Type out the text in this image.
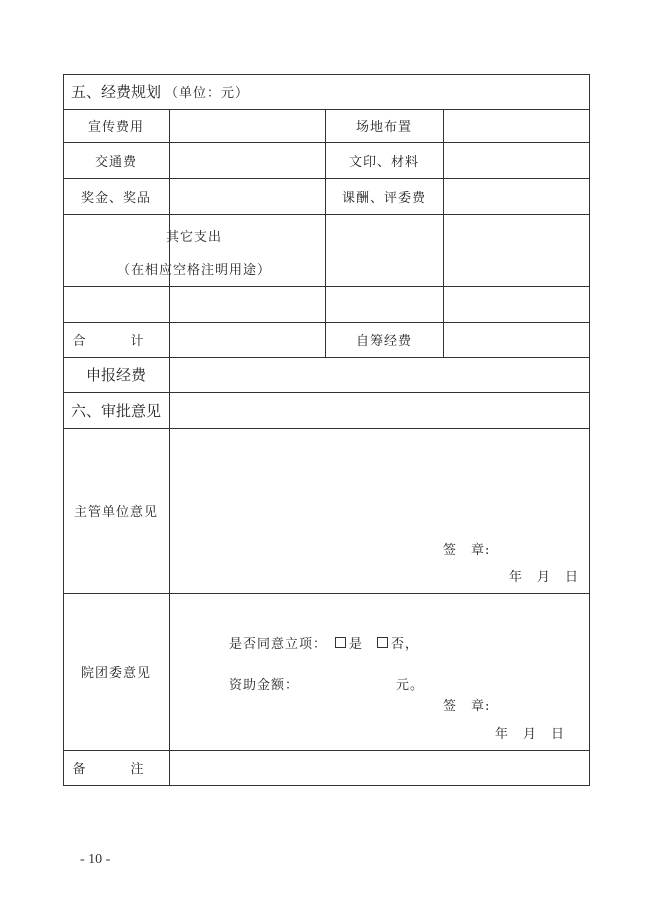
五、经费规划 （单位：元）
宣传费用	场地布置
交通费	文印、材料
奖金、奖品	课酬、评委费
其它支出
（在相应空格注明用途）
合　计	自筹经费
申报经费
六、审批意见
主管单位意见
签　章:
年　月　日
院团委意见
是否同意立项： 是 否，
资助金额：	元。
签　章:
年　月　日
备　注
- 10 -
